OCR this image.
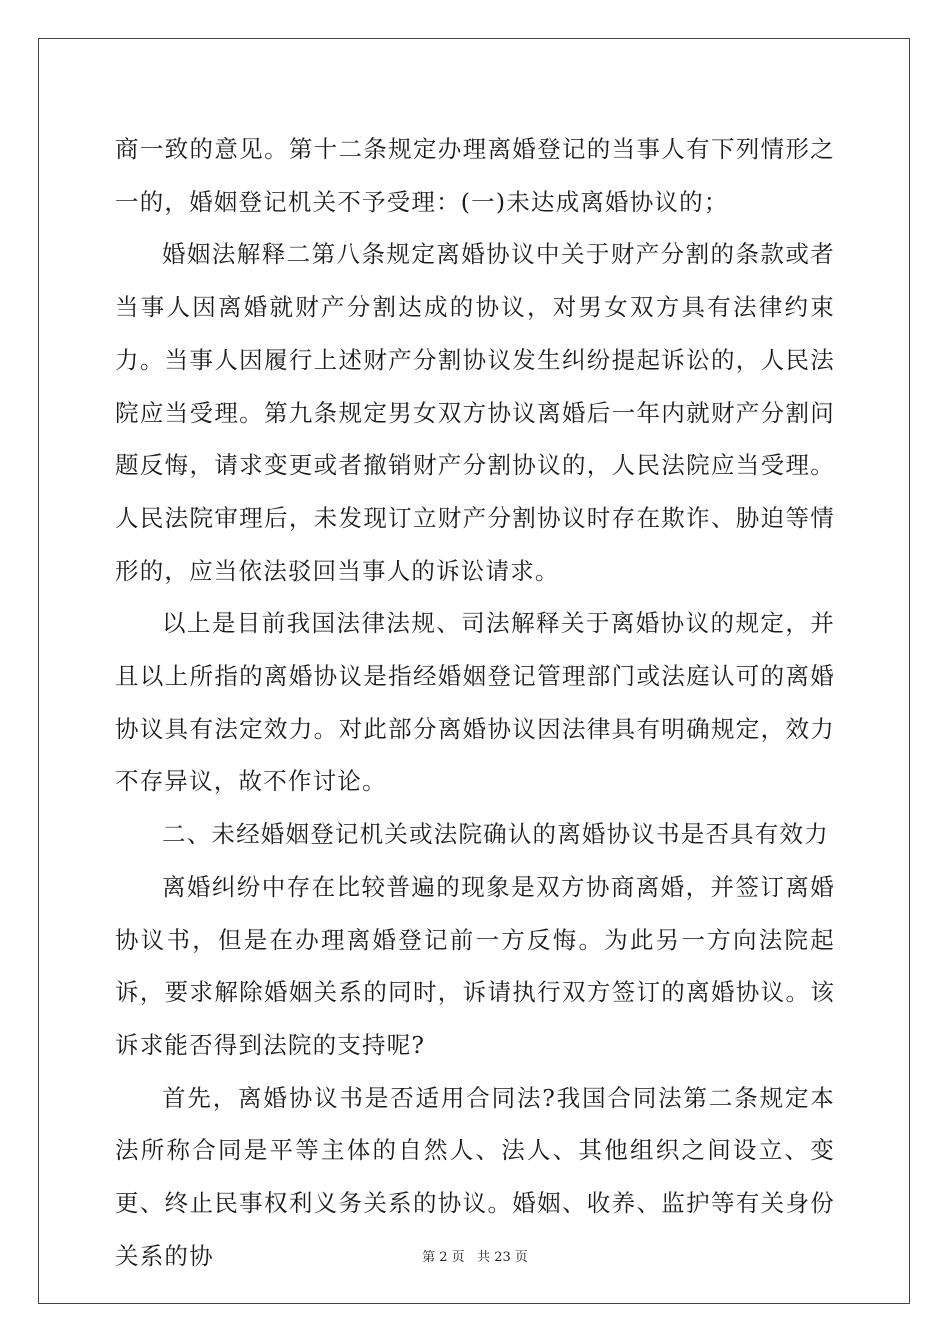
商一致的意见。第十二条规定办理离婚登记的当事人有下列情形之一的，婚姻登记机关不予受理：(一)未达成离婚协议的；

婚姻法解释二第八条规定离婚协议中关于财产分割的条款或者当事人因离婚就财产分割达成的协议，对男女双方具有法律约束力。当事人因履行上述财产分割协议发生纠纷提起诉讼的，人民法院应当受理。第九条规定男女双方协议离婚后一年内就财产分割问题反悔，请求变更或者撤销财产分割协议的，人民法院应当受理。人民法院审理后，未发现订立财产分割协议时存在欺诈、胁迫等情形的，应当依法驳回当事人的诉讼请求。

以上是目前我国法律法规、司法解释关于离婚协议的规定，并且以上所指的离婚协议是指经婚姻登记管理部门或法庭认可的离婚协议具有法定效力。对此部分离婚协议因法律具有明确规定，效力不存异议，故不作讨论。

二、未经婚姻登记机关或法院确认的离婚协议书是否具有效力

离婚纠纷中存在比较普遍的现象是双方协商离婚，并签订离婚协议书，但是在办理离婚登记前一方反悔。为此另一方向法院起诉，要求解除婚姻关系的同时，诉请执行双方签订的离婚协议。该诉求能否得到法院的支持呢?

首先，离婚协议书是否适用合同法?我国合同法第二条规定本法所称合同是平等主体的自然人、法人、其他组织之间设立、变更、终止民事权利义务关系的协议。婚姻、收养、监护等有关身份关系的协	第 2 页 共 23 页
